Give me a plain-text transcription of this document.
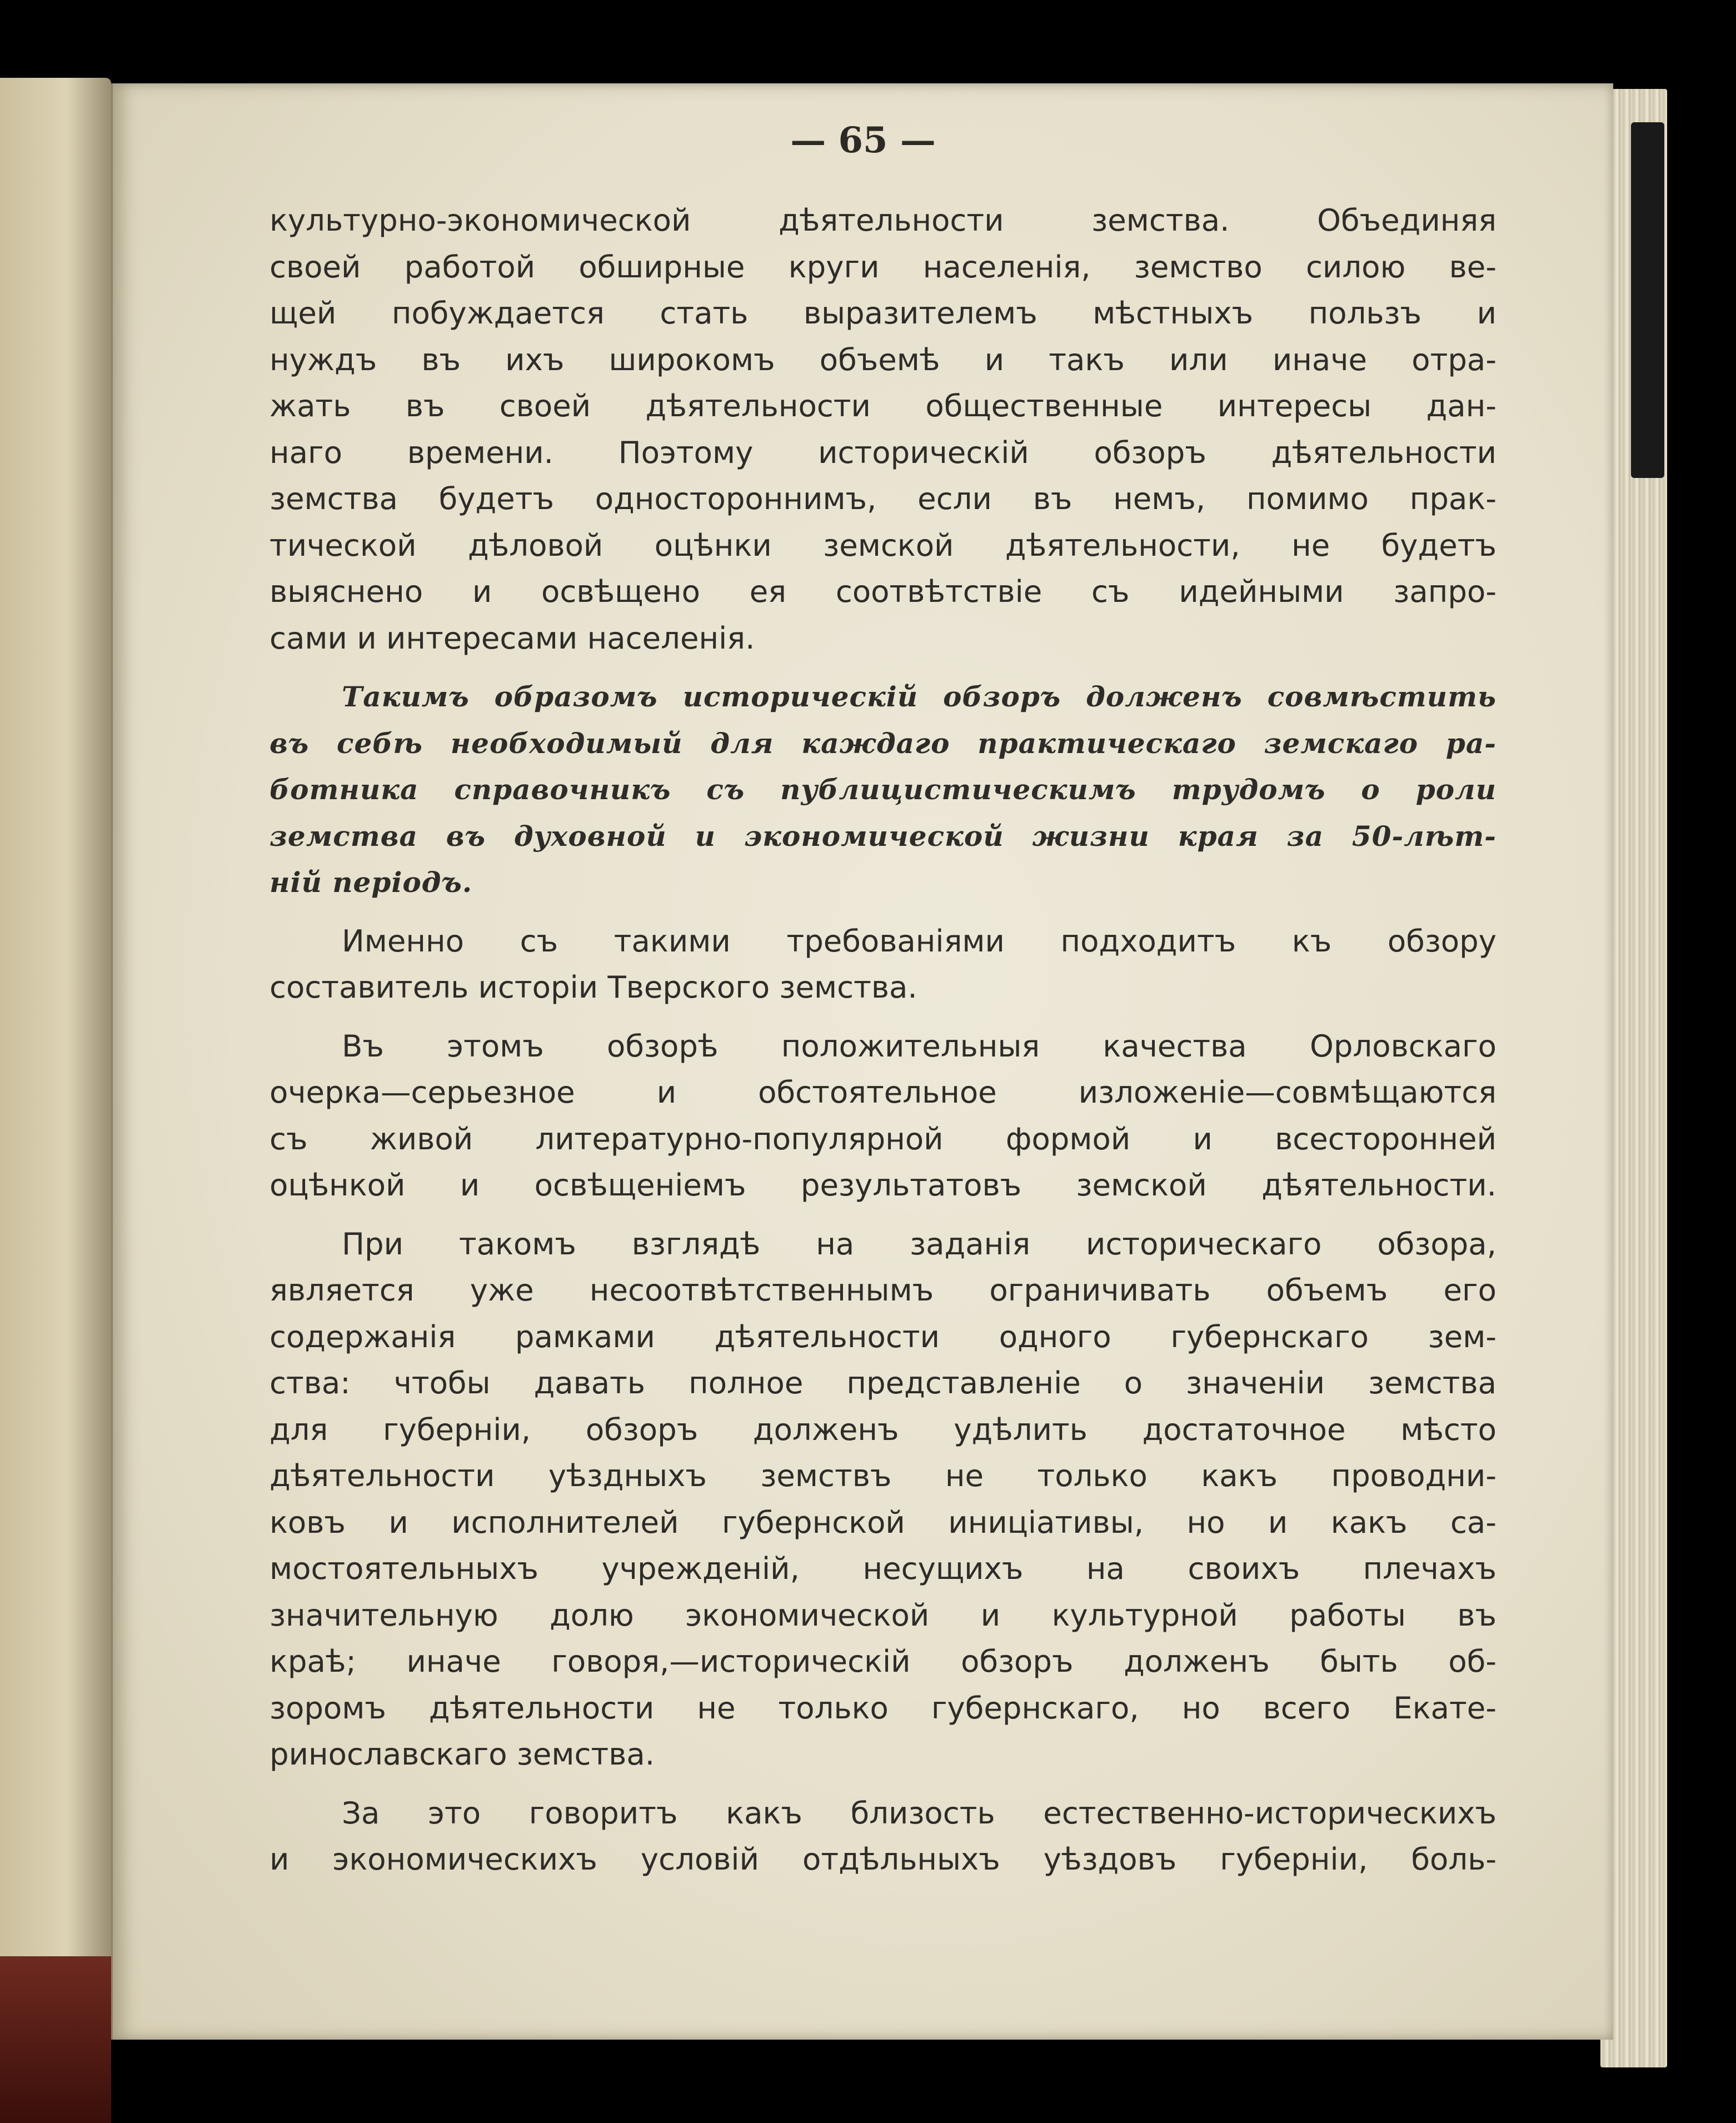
— 65 —

культурно-экономической дѣятельности земства. Объединяя
своей работой обширные круги населенія, земство силою ве-
щей побуждается стать выразителемъ мѣстныхъ пользъ и
нуждъ въ ихъ широкомъ объемѣ и такъ или иначе отра-
жать въ своей дѣятельности общественные интересы дан-
наго времени. Поэтому историческій обзоръ дѣятельности
земства будетъ одностороннимъ, если въ немъ, помимо прак-
тической дѣловой оцѣнки земской дѣятельности, не будетъ
выяснено и освѣщено ея соотвѣтствіе съ идейными запро-
сами и интересами населенія.

Такимъ образомъ историческій обзоръ долженъ совмѣстить
въ себѣ необходимый для каждаго практическаго земскаго ра-
ботника справочникъ съ публицистическимъ трудомъ о роли
земства въ духовной и экономической жизни края за 50-лѣт-
ній періодъ.

Именно съ такими требованіями подходитъ къ обзору
составитель исторіи Тверского земства.

Въ этомъ обзорѣ положительныя качества Орловскаго
очерка—серьезное и обстоятельное изложеніе—совмѣщаются
съ живой литературно-популярной формой и всесторонней
оцѣнкой и освѣщеніемъ результатовъ земской дѣятельности.

При такомъ взглядѣ на заданія историческаго обзора,
является уже несоотвѣтственнымъ ограничивать объемъ его
содержанія рамками дѣятельности одного губернскаго зем-
ства: чтобы давать полное представленіе о значеніи земства
для губерніи, обзоръ долженъ удѣлить достаточное мѣсто
дѣятельности уѣздныхъ земствъ не только какъ проводни-
ковъ и исполнителей губернской иниціативы, но и какъ са-
мостоятельныхъ учрежденій, несущихъ на своихъ плечахъ
значительную долю экономической и культурной работы въ
краѣ; иначе говоря,—историческій обзоръ долженъ быть об-
зоромъ дѣятельности не только губернскаго, но всего Екате-
ринославскаго земства.

За это говоритъ какъ близость естественно-историческихъ
и экономическихъ условій отдѣльныхъ уѣздовъ губерніи, боль-
